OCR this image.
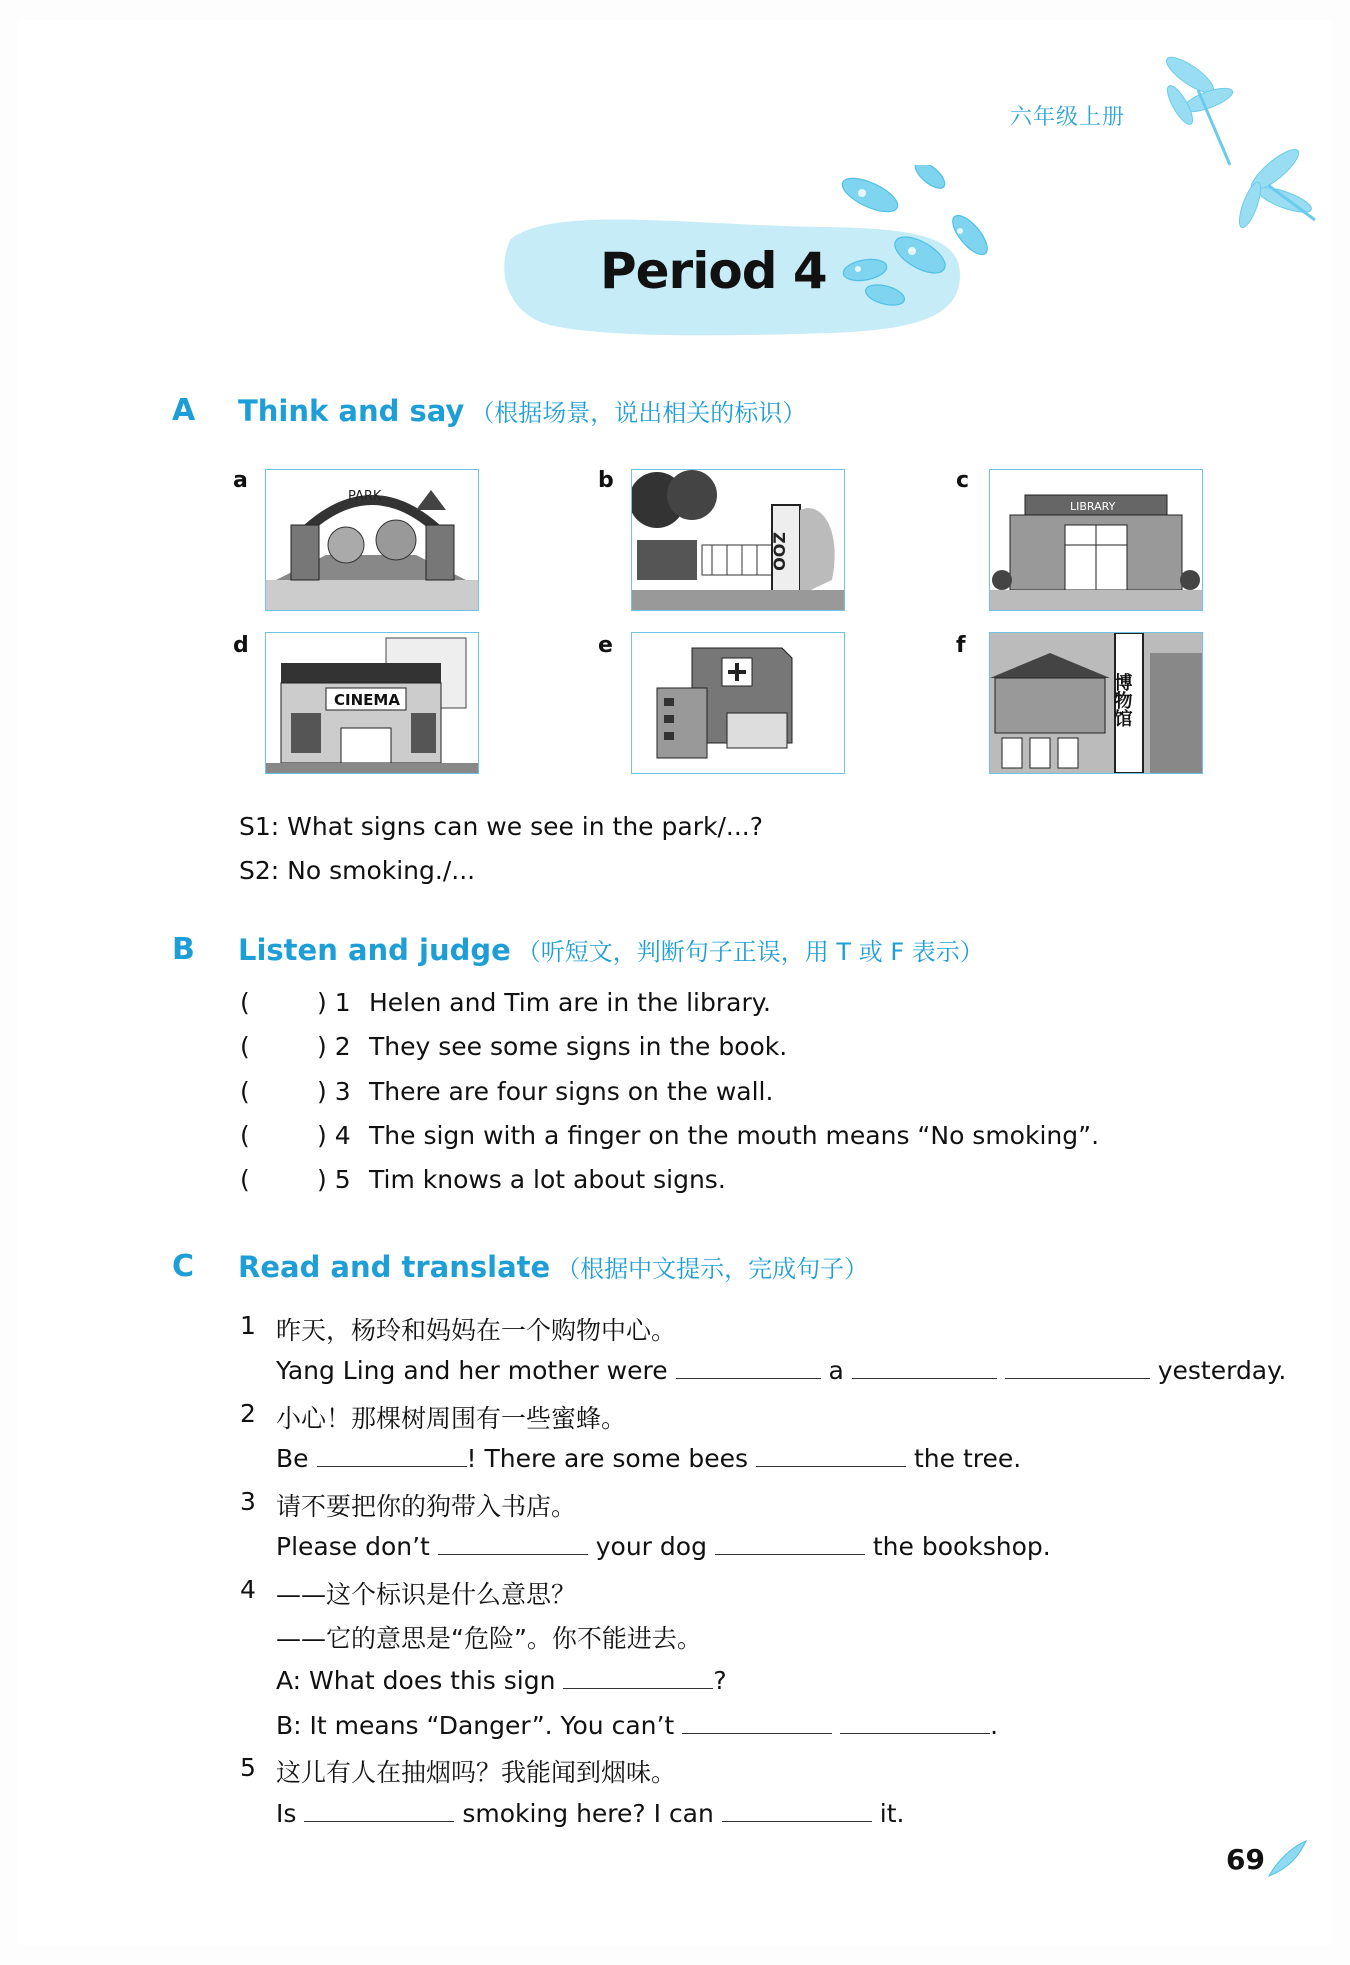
六年级上册
Period 4
A Think and say （根据场景，说出相关的标识）
a	b	c
d	e	f
PARK
ZOO
LIBRARY
CINEMA	博物馆
S1: What signs can we see in the park/...?
S2: No smoking./...
B Listen and judge （听短文，判断句子正误，用 T 或 F 表示）
(	) 1 Helen and Tim are in the library.
(	) 2 They see some signs in the book.
(	) 3 There are four signs on the wall.
(	) 4 The sign with a finger on the mouth means “No smoking”.
(	) 5 Tim knows a lot about signs.
C Read and translate （根据中文提示，完成句子）
1 昨天，杨玲和妈妈在一个购物中心。
Yang Ling and her mother were	a	yesterday.
2 小心！那棵树周围有一些蜜蜂。
Be	! There are some bees	the tree.
3 请不要把你的狗带入书店。
Please don’t	your dog	the bookshop.
4 ——这个标识是什么意思？
——它的意思是“危险”。你不能进去。
A: What does this sign	?
B: It means “Danger”. You can’t	.
5 这儿有人在抽烟吗？我能闻到烟味。
Is	smoking here? I can	it.
69
